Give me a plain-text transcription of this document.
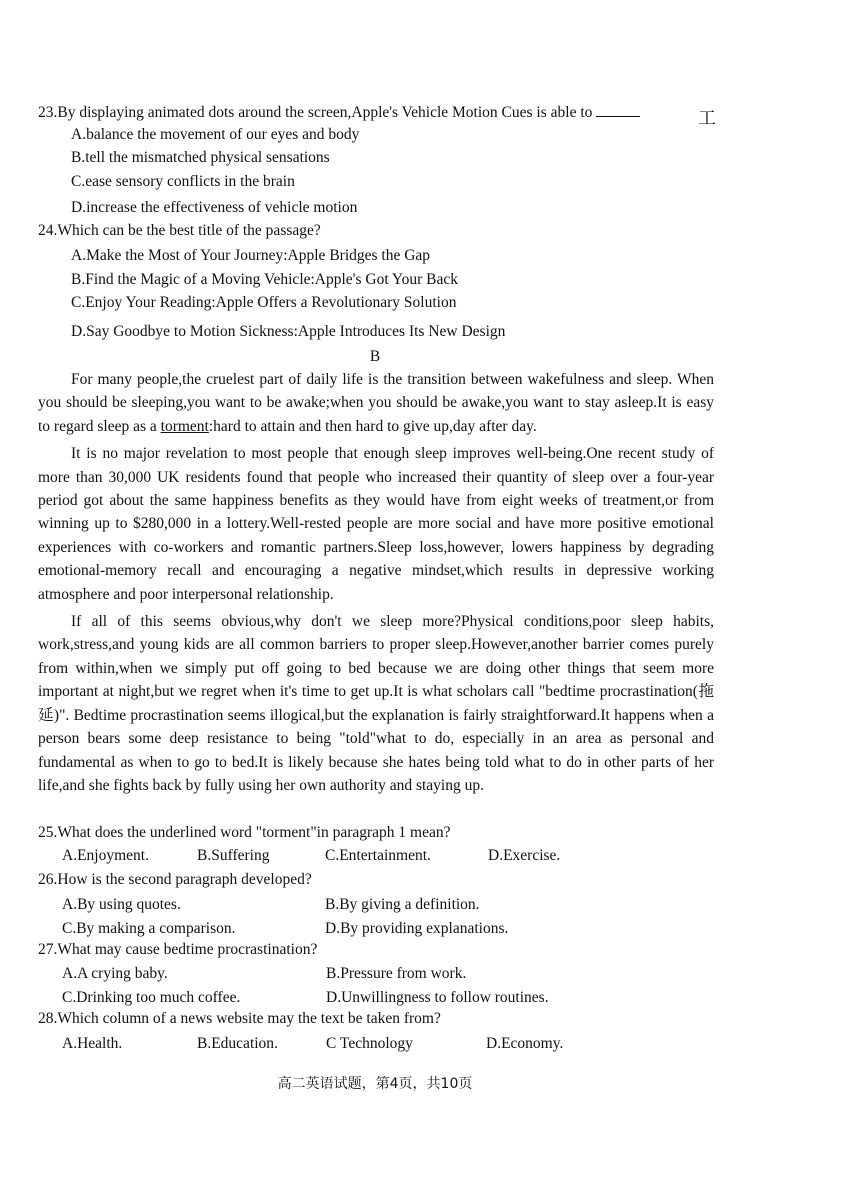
23.By displaying animated dots around the screen,Apple's Vehicle Motion Cues is able to	工
A.balance the movement of our eyes and body
B.tell the mismatched physical sensations
C.ease sensory conflicts in the brain
D.increase the effectiveness of vehicle motion
24.Which can be the best title of the passage?
A.Make the Most of Your Journey:Apple Bridges the Gap
B.Find the Magic of a Moving Vehicle:Apple's Got Your Back
C.Enjoy Your Reading:Apple Offers a Revolutionary Solution
D.Say Goodbye to Motion Sickness:Apple Introduces Its New Design
B

For many people,the cruelest part of daily life is the transition between wakefulness and sleep. When you should be sleeping,you want to be awake;when you should be awake,you want to stay asleep.It is easy to regard sleep as a torment:hard to attain and then hard to give up,day after day.

It is no major revelation to most people that enough sleep improves well-being.One recent study of more than 30,000 UK residents found that people who increased their quantity of sleep over a four-year period got about the same happiness benefits as they would have from eight weeks of treatment,or from winning up to $280,000 in a lottery.Well-rested people are more social and have more positive emotional experiences with co-workers and romantic partners.Sleep loss,however, lowers happiness by degrading emotional-memory recall and encouraging a negative mindset,which results in depressive working atmosphere and poor interpersonal relationship.

If all of this seems obvious,why don't we sleep more?Physical conditions,poor sleep habits, work,stress,and young kids are all common barriers to proper sleep.However,another barrier comes purely from within,when we simply put off going to bed because we are doing other things that seem more important at night,but we regret when it's time to get up.It is what scholars call "bedtime procrastination(拖延)". Bedtime procrastination seems illogical,but the explanation is fairly straightforward.It happens when a person bears some deep resistance to being "told"what to do, especially in an area as personal and fundamental as when to go to bed.It is likely because she hates being told what to do in other parts of her life,and she fights back by fully using her own authority and staying up.

25.What does the underlined word "torment"in paragraph 1 mean?
A.Enjoyment.	B.Suffering	C.Entertainment.	D.Exercise.
26.How is the second paragraph developed?
A.By using quotes.	B.By giving a definition.
C.By making a comparison.	D.By providing explanations.
27.What may cause bedtime procrastination?
A.A crying baby.	B.Pressure from work.
C.Drinking too much coffee.	D.Unwillingness to follow routines.
28.Which column of a news website may the text be taken from?
A.Health.	B.Education.	C Technology	D.Economy.
高二英语试题，第4页，共10页
